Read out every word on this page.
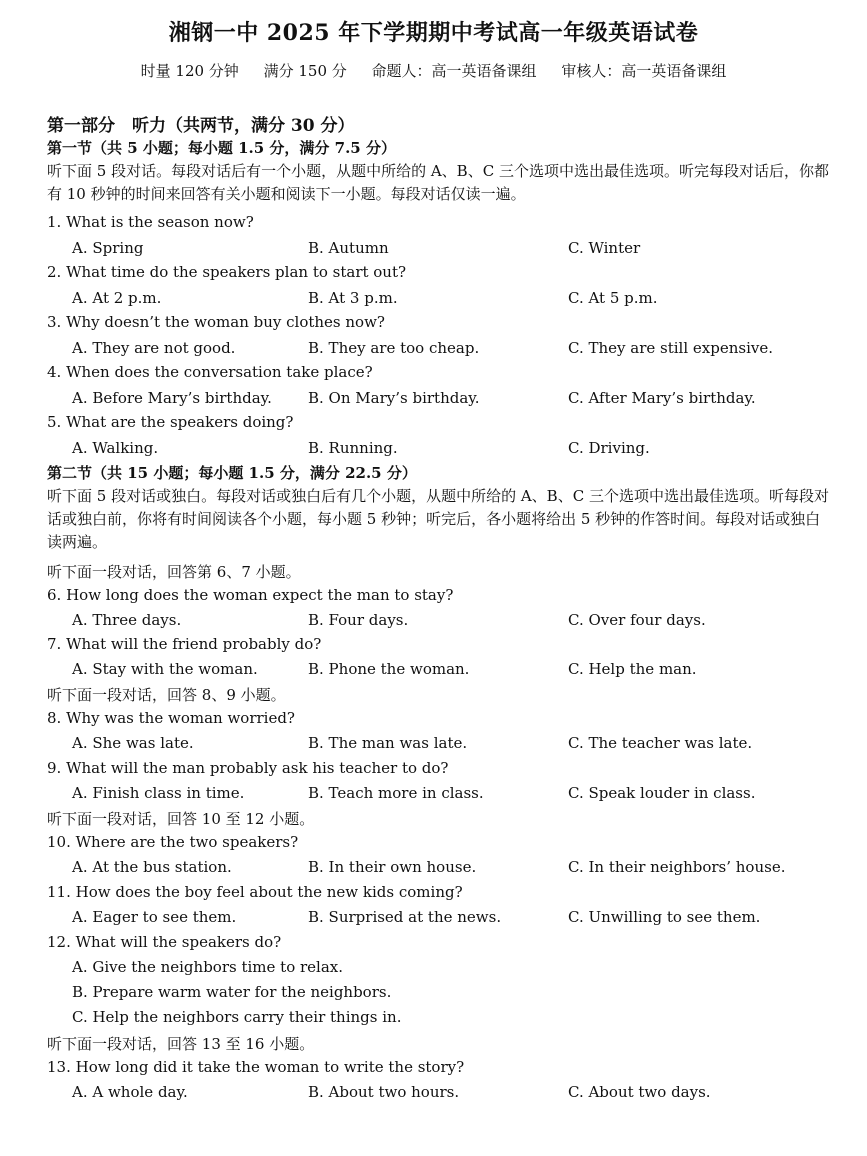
湘钢一中 2025 年下学期期中考试高一年级英语试卷
时量 120 分钟 满分 150 分 命题人：高一英语备课组 审核人：高一英语备课组
第一部分　听力（共两节，满分 30 分）
第一节（共 5 小题；每小题 1.5 分，满分 7.5 分）
听下面 5 段对话。每段对话后有一个小题，从题中所给的 A、B、C 三个选项中选出最佳选项。听完每段对话后，你都有 10 秒钟的时间来回答有关小题和阅读下一小题。每段对话仅读一遍。
1. What is the season now?
A. Spring	B. Autumn	C. Winter
2. What time do the speakers plan to start out?
A. At 2 p.m.	B. At 3 p.m.	C. At 5 p.m.
3. Why doesn’t the woman buy clothes now?
A. They are not good.	B. They are too cheap.	C. They are still expensive.
4. When does the conversation take place?
A. Before Mary’s birthday. B. On Mary’s birthday.	C. After Mary’s birthday.
5. What are the speakers doing?
A. Walking.	B. Running.	C. Driving.
第二节（共 15 小题；每小题 1.5 分，满分 22.5 分）
听下面 5 段对话或独白。每段对话或独白后有几个小题，从题中所给的 A、B、C 三个选项中选出最佳选项。听每段对话或独白前，你将有时间阅读各个小题，每小题 5 秒钟；听完后，各小题将给出 5 秒钟的作答时间。每段对话或独白读两遍。
听下面一段对话，回答第 6、7 小题。
6. How long does the woman expect the man to stay?
A. Three days.	B. Four days.	C. Over four days.
7. What will the friend probably do?
A. Stay with the woman.	B. Phone the woman.	C. Help the man.
听下面一段对话，回答 8、9 小题。
8. Why was the woman worried?
A. She was late.	B. The man was late.	C. The teacher was late.
9. What will the man probably ask his teacher to do?
A. Finish class in time.	B. Teach more in class.	C. Speak louder in class.
听下面一段对话，回答 10 至 12 小题。
10. Where are the two speakers?
A. At the bus station.	B. In their own house.	C. In their neighbors’ house.
11. How does the boy feel about the new kids coming?
A. Eager to see them.	B. Surprised at the news.	C. Unwilling to see them.
12. What will the speakers do?
A. Give the neighbors time to relax.
B. Prepare warm water for the neighbors.
C. Help the neighbors carry their things in.
听下面一段对话，回答 13 至 16 小题。
13. How long did it take the woman to write the story?
A. A whole day.	B. About two hours.	C. About two days.
